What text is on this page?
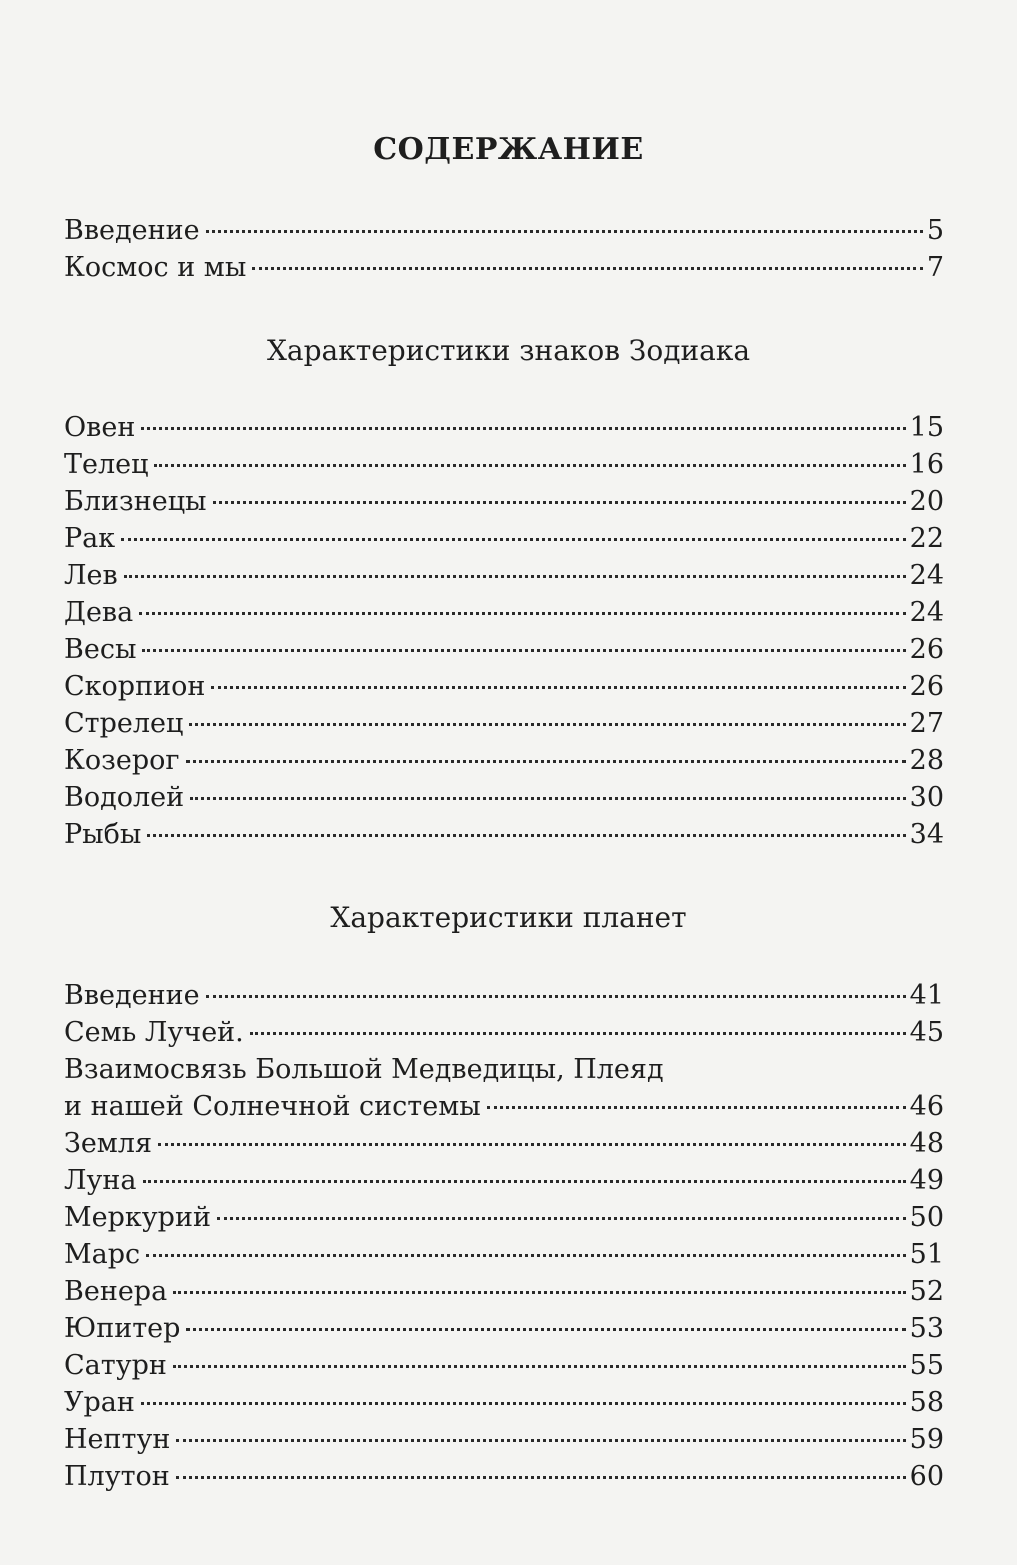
СОДЕРЖАНИЕ
Введение	5
Космос и мы	7
Характеристики знаков Зодиака
Овен	15
Телец	16
Близнецы	20
Рак	22
Лев	24
Дева	24
Весы	26
Скорпион	26
Стрелец	27
Козерог	28
Водолей	30
Рыбы	34
Характеристики планет
Введение	41
Семь Лучей.	45
Взаимосвязь Большой Медведицы, Плеяд
и нашей Солнечной системы	46
Земля	48
Луна	49
Меркурий	50
Марс	51
Венера	52
Юпитер	53
Сатурн	55
Уран	58
Нептун	59
Плутон	60
